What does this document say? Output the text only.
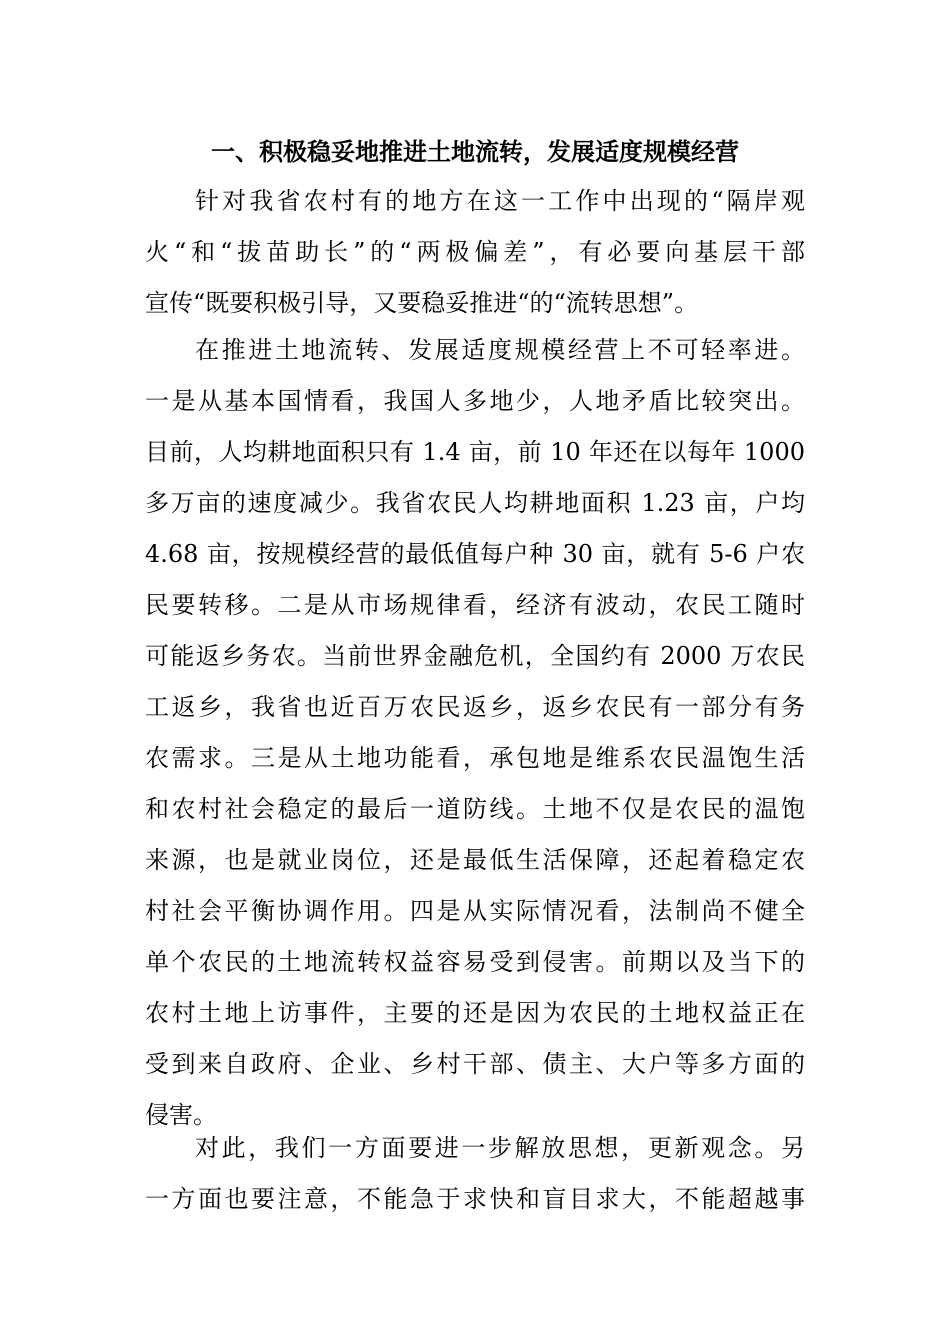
一、积极稳妥地推进土地流转，发展适度规模经营
针对我省农村有的地方在这一工作中出现的“隔岸观
火“和“拔苗助长”的“两极偏差”，有必要向基层干部
宣传“既要积极引导，又要稳妥推进“的“流转思想”。
在推进土地流转、发展适度规模经营上不可轻率进。
一是从基本国情看，我国人多地少，人地矛盾比较突出。
目前，人均耕地面积只有 1.4 亩，前 10 年还在以每年 1000
多万亩的速度减少。我省农民人均耕地面积 1.23 亩，户均
4.68 亩，按规模经营的最低值每户种 30 亩，就有 5-6 户农
民要转移。二是从市场规律看，经济有波动，农民工随时
可能返乡务农。当前世界金融危机，全国约有 2000 万农民
工返乡，我省也近百万农民返乡，返乡农民有一部分有务
农需求。三是从土地功能看，承包地是维系农民温饱生活
和农村社会稳定的最后一道防线。土地不仅是农民的温饱
来源，也是就业岗位，还是最低生活保障，还起着稳定农
村社会平衡协调作用。四是从实际情况看，法制尚不健全
单个农民的土地流转权益容易受到侵害。前期以及当下的
农村土地上访事件，主要的还是因为农民的土地权益正在
受到来自政府、企业、乡村干部、债主、大户等多方面的
侵害。
对此，我们一方面要进一步解放思想，更新观念。另
一方面也要注意，不能急于求快和盲目求大，不能超越事
